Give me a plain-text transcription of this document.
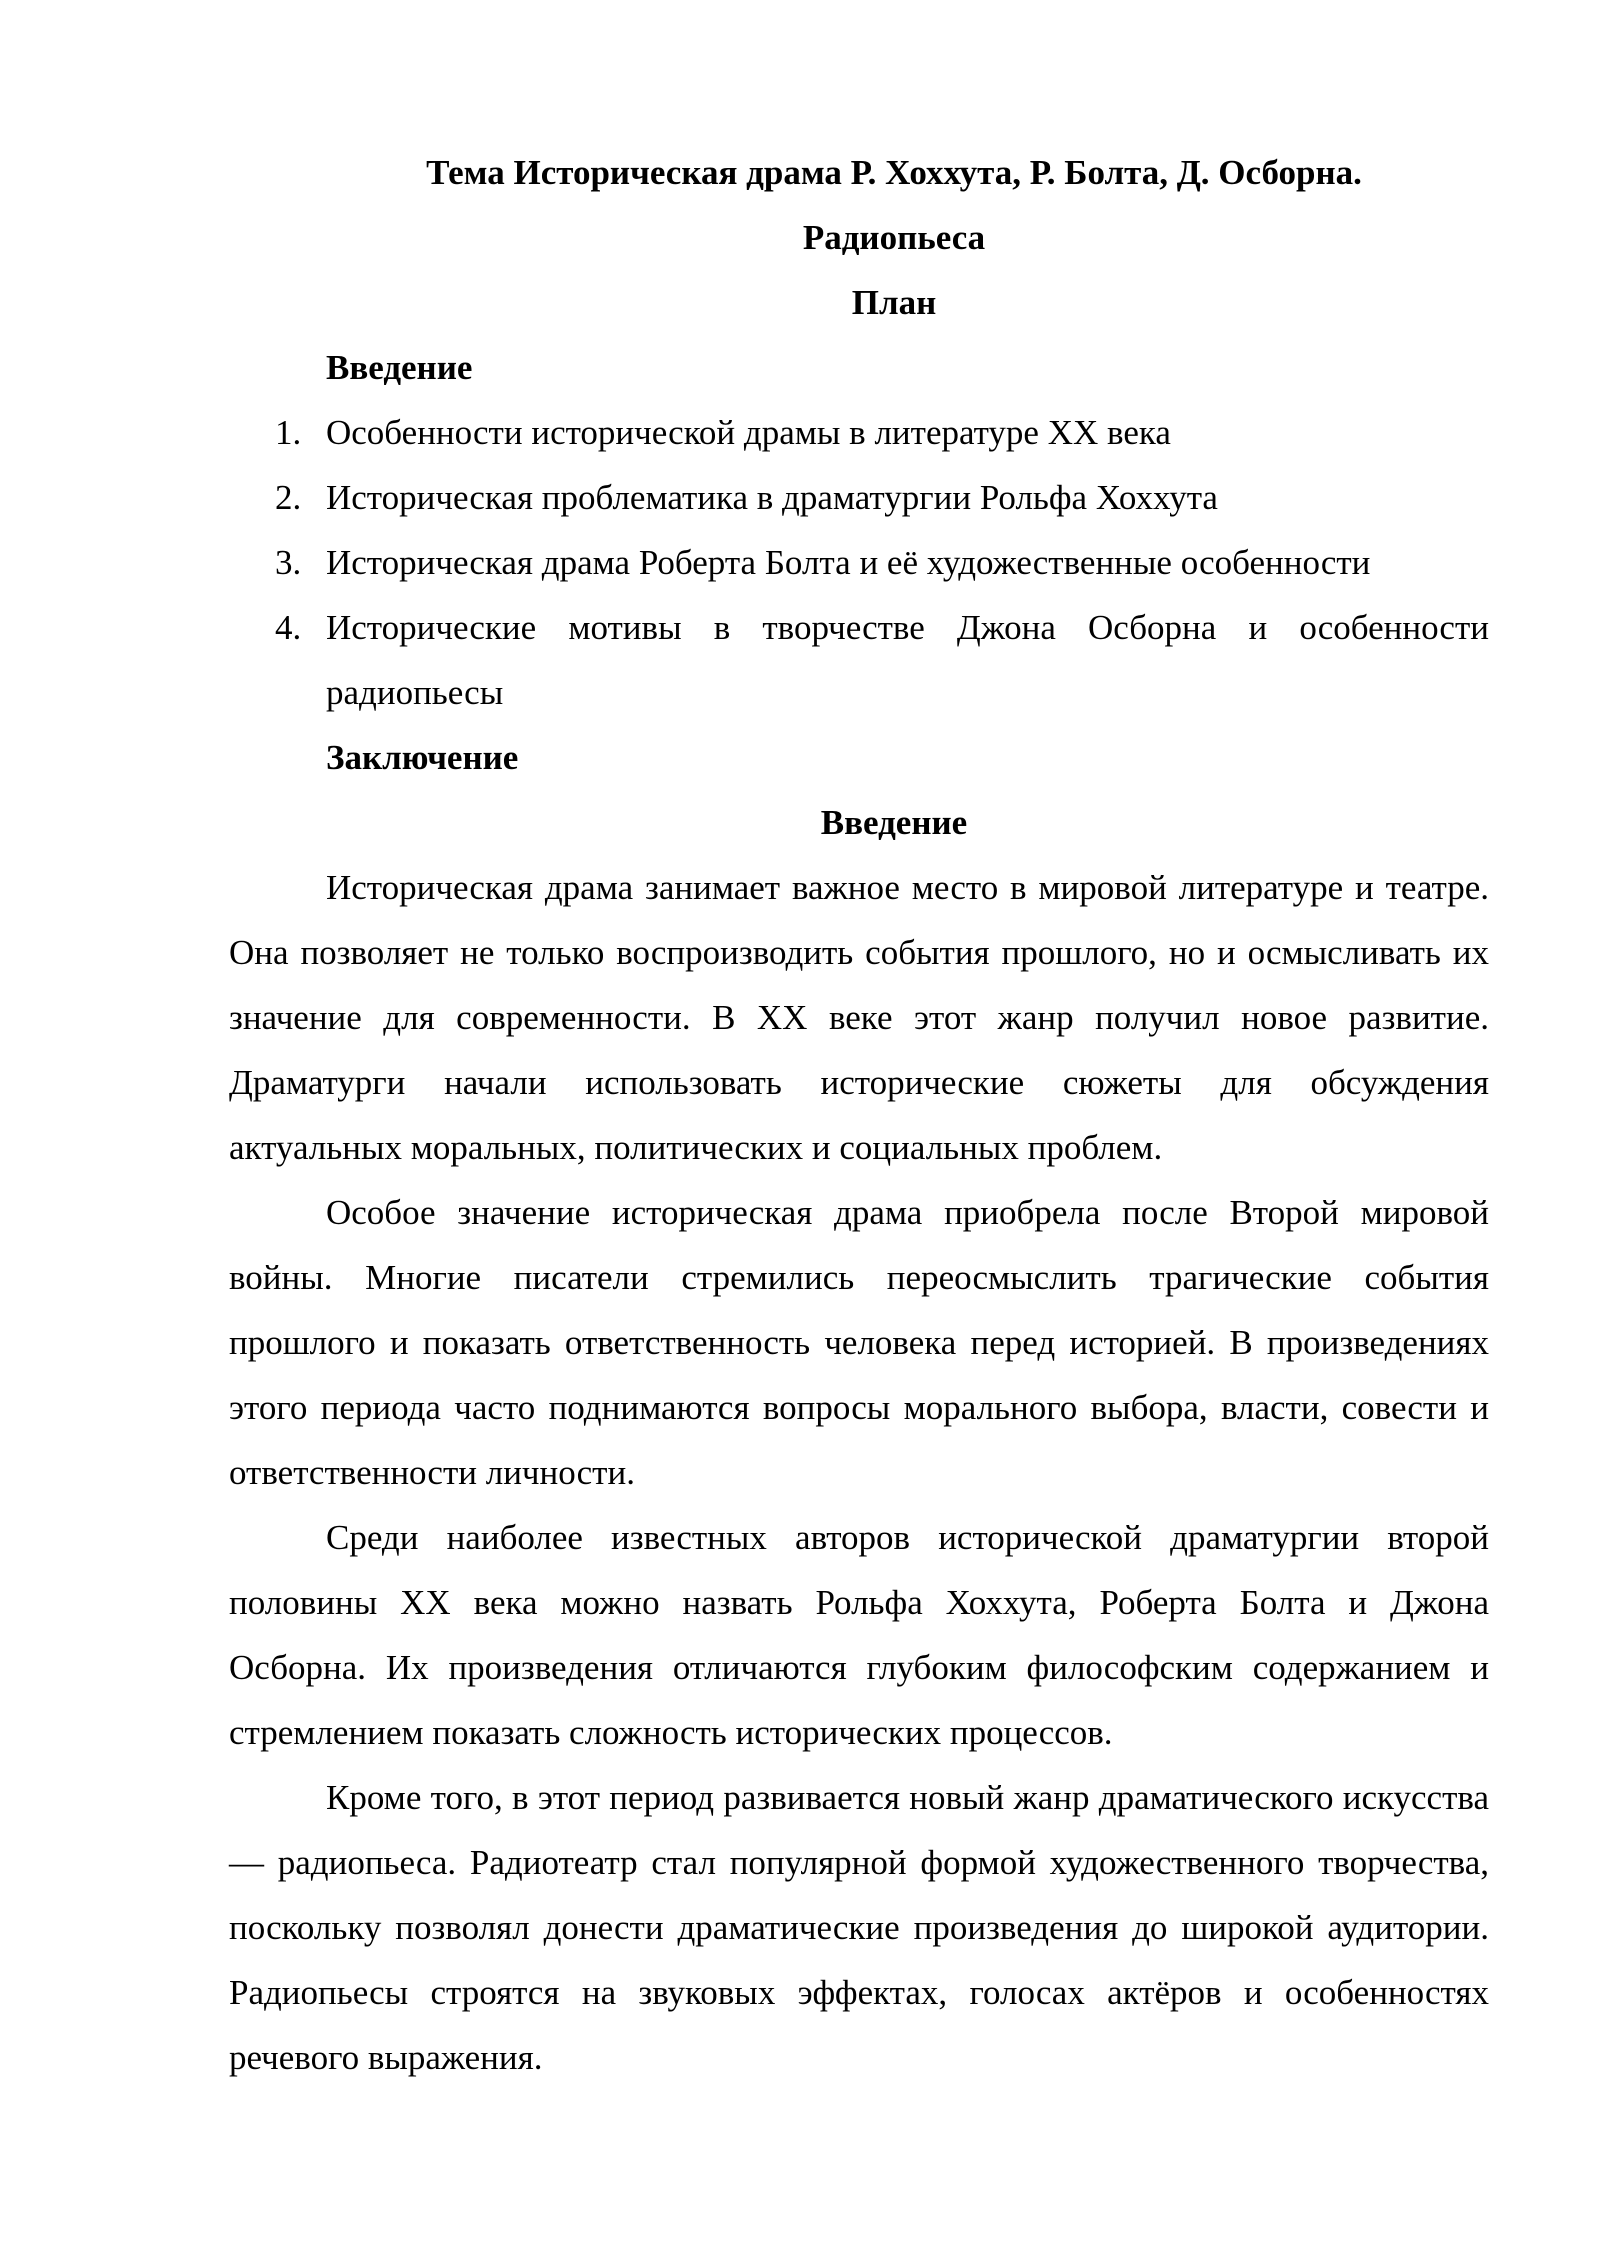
Тема Историческая драма Р. Хоххута, Р. Болта, Д. Осборна.

Радиопьеса

План

Введение

1. Особенности исторической драмы в литературе XX века
2. Историческая проблематика в драматургии Рольфа Хоххута
3. Историческая драма Роберта Болта и её художественные особенности
4. Исторические мотивы в творчестве Джона Осборна и особенности радиопьесы

Заключение

Введение

Историческая драма занимает важное место в мировой литературе и театре. Она позволяет не только воспроизводить события прошлого, но и осмысливать их значение для современности. В XX веке этот жанр получил новое развитие. Драматурги начали использовать исторические сюжеты для обсуждения актуальных моральных, политических и социальных проблем.

Особое значение историческая драма приобрела после Второй мировой войны. Многие писатели стремились переосмыслить трагические события прошлого и показать ответственность человека перед историей. В произведениях этого периода часто поднимаются вопросы морального выбора, власти, совести и ответственности личности.

Среди наиболее известных авторов исторической драматургии второй половины XX века можно назвать Рольфа Хоххута, Роберта Болта и Джона Осборна. Их произведения отличаются глубоким философским содержанием и стремлением показать сложность исторических процессов.

Кроме того, в этот период развивается новый жанр драматического искусства — радиопьеса. Радиотеатр стал популярной формой художественного творчества, поскольку позволял донести драматические произведения до широкой аудитории. Радиопьесы строятся на звуковых эффектах, голосах актёров и особенностях речевого выражения.
